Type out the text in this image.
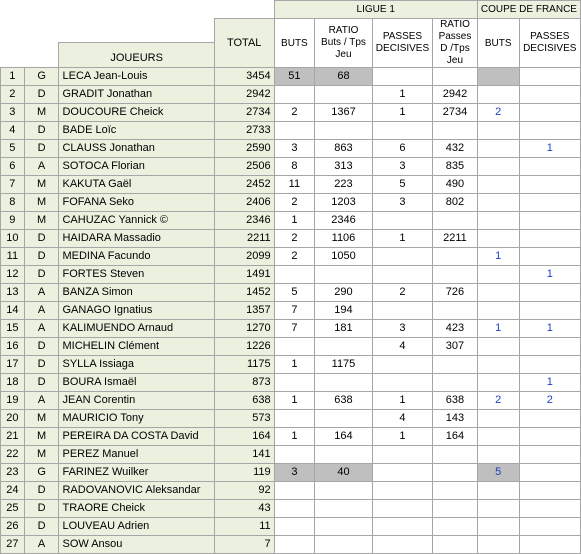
				LIGUE 1				COUPE DE FRANCE	
			TOTAL	BUTS	RATIO Buts / Tps Jeu	PASSES DECISIVES	RATIO Passes D /Tps Jeu	BUTS	PASSES DECISIVES
		JOUEURS							
1	G	LECA Jean-Louis	3454	51	68				
2	D	GRADIT Jonathan	2942			1	2942		
3	M	DOUCOURE Cheick	2734	2	1367	1	2734	2	
4	D	BADE Loïc	2733						
5	D	CLAUSS Jonathan	2590	3	863	6	432		1
6	A	SOTOCA Florian	2506	8	313	3	835		
7	M	KAKUTA Gaël	2452	11	223	5	490		
8	M	FOFANA Seko	2406	2	1203	3	802		
9	M	CAHUZAC Yannick ©	2346	1	2346				
10	D	HAIDARA Massadio	2211	2	1106	1	2211		
11	D	MEDINA Facundo	2099	2	1050			1	
12	D	FORTES Steven	1491						1
13	A	BANZA Simon	1452	5	290	2	726		
14	A	GANAGO Ignatius	1357	7	194				
15	A	KALIMUENDO Arnaud	1270	7	181	3	423	1	1
16	D	MICHELIN Clément	1226			4	307		
17	D	SYLLA Issiaga	1175	1	1175				
18	D	BOURA Ismaël	873						1
19	A	JEAN Corentin	638	1	638	1	638	2	2
20	M	MAURICIO Tony	573			4	143		
21	M	PEREIRA DA COSTA David	164	1	164	1	164		
22	M	PEREZ Manuel	141						
23	G	FARINEZ Wuilker	119	3	40			5	
24	D	RADOVANOVIC Aleksandar	92						
25	D	TRAORE Cheick	43						
26	D	LOUVEAU Adrien	11						
27	A	SOW Ansou	7						
